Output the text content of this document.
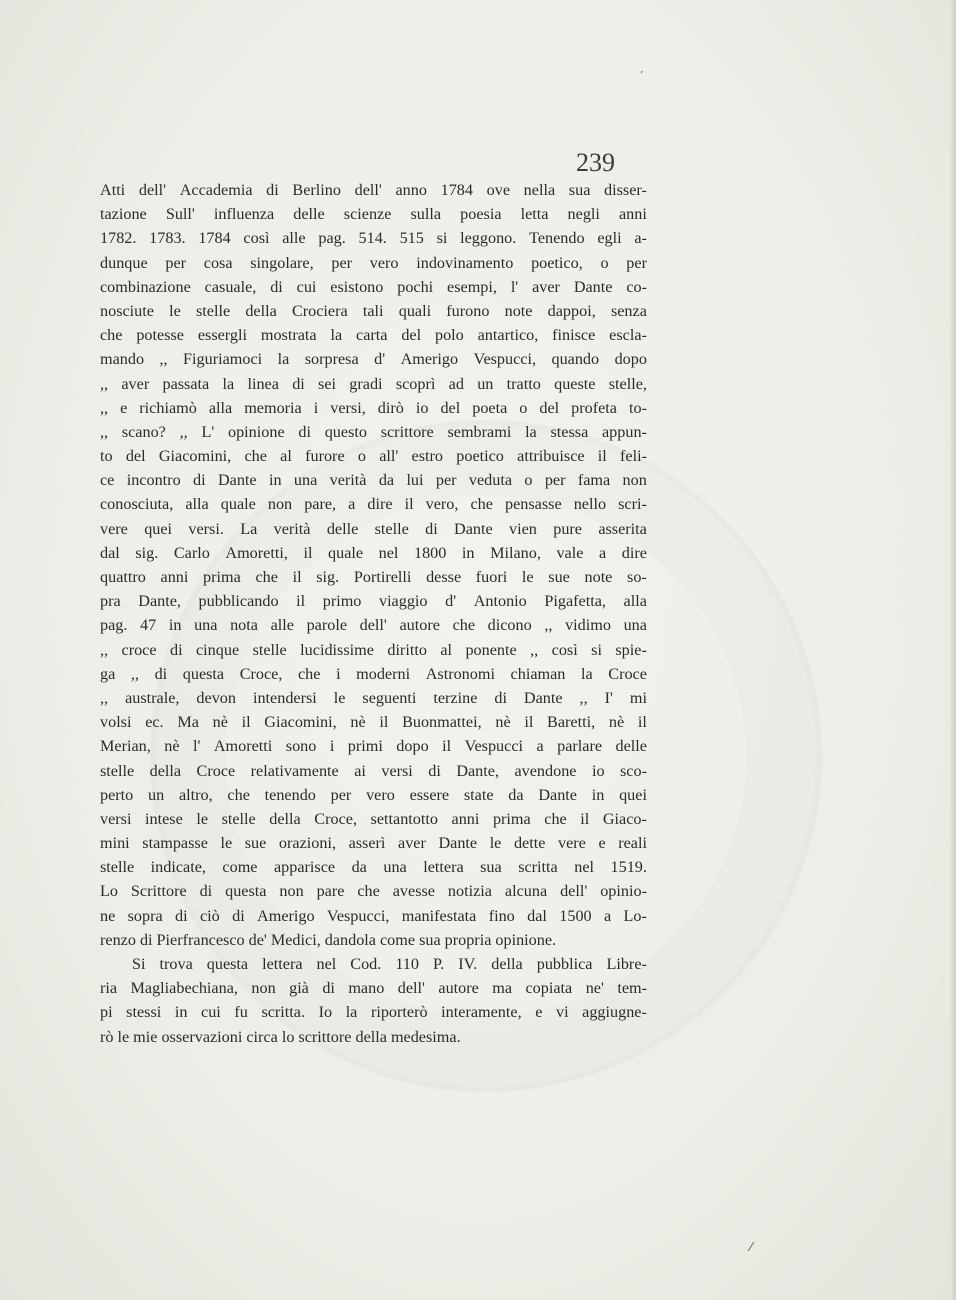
239
Atti dell' Accademia di Berlino dell' anno 1784 ove nella sua disser-
tazione Sull' influenza delle scienze sulla poesia letta negli anni
1782. 1783. 1784 così alle pag. 514. 515 si leggono. Tenendo egli a-
dunque per cosa singolare, per vero indovinamento poetico, o per
combinazione casuale, di cui esistono pochi esempi, l' aver Dante co-
nosciute le stelle della Crociera tali quali furono note dappoi, senza
che potesse essergli mostrata la carta del polo antartico, finisce escla-
mando ,, Figuriamoci la sorpresa d' Amerigo Vespucci, quando dopo
,, aver passata la linea di sei gradi scoprì ad un tratto queste stelle,
,, e richiamò alla memoria i versi, dirò io del poeta o del profeta to-
,, scano? ,, L' opinione di questo scrittore sembrami la stessa appun-
to del Giacomini, che al furore o all' estro poetico attribuisce il feli-
ce incontro di Dante in una verità da lui per veduta o per fama non
conosciuta, alla quale non pare, a dire il vero, che pensasse nello scri-
vere quei versi. La verità delle stelle di Dante vien pure asserita
dal sig. Carlo Amoretti, il quale nel 1800 in Milano, vale a dire
quattro anni prima che il sig. Portirelli desse fuori le sue note so-
pra Dante, pubblicando il primo viaggio d' Antonio Pigafetta, alla
pag. 47 in una nota alle parole dell' autore che dicono ,, vidimo una
,, croce di cinque stelle lucidissime diritto al ponente ,, così si spie-
ga ,, di questa Croce, che i moderni Astronomi chiaman la Croce
,, australe, devon intendersi le seguenti terzine di Dante ,, I' mi
volsi ec. Ma nè il Giacomini, nè il Buonmattei, nè il Baretti, nè il
Merian, nè l' Amoretti sono i primi dopo il Vespucci a parlare delle
stelle della Croce relativamente ai versi di Dante, avendone io sco-
perto un altro, che tenendo per vero essere state da Dante in quei
versi intese le stelle della Croce, settantotto anni prima che il Giaco-
mini stampasse le sue orazioni, asserì aver Dante le dette vere e reali
stelle indicate, come apparisce da una lettera sua scritta nel 1519.
Lo Scrittore di questa non pare che avesse notizia alcuna dell' opinio-
ne sopra di ciò di Amerigo Vespucci, manifestata fino dal 1500 a Lo-
renzo di Pierfrancesco de' Medici, dandola come sua propria opinione.
Si trova questa lettera nel Cod. 110 P. IV. della pubblica Libre-
ria Magliabechiana, non già di mano dell' autore ma copiata ne' tem-
pi stessi in cui fu scritta. Io la riporterò interamente, e vi aggiugne-
rò le mie osservazioni circa lo scrittore della medesima.
’
⁄
